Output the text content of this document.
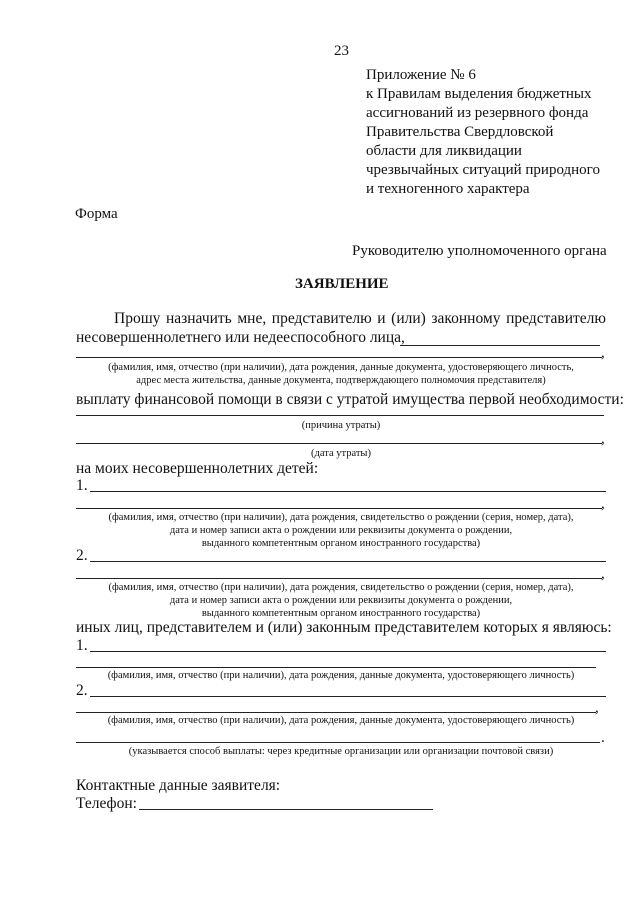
23
Приложение № 6
к Правилам выделения бюджетных
ассигнований из резервного фонда
Правительства Свердловской
области для ликвидации
чрезвычайных ситуаций природного
и техногенного характера
Форма
Руководителю уполномоченного органа
ЗАЯВЛЕНИЕ
Прошу назначить мне, представителю и (или) законному представителю
несовершеннолетнего или недееспособного лица,
,
(фамилия, имя, отчество (при наличии), дата рождения, данные документа, удостоверяющего личность,
адрес места жительства, данные документа, подтверждающего полномочия представителя)
выплату финансовой помощи в связи с утратой имущества первой необходимости:
(причина утраты)
,
(дата утраты)
на моих несовершеннолетних детей:
1.
,
(фамилия, имя, отчество (при наличии), дата рождения, свидетельство о рождении (серия, номер, дата),
дата и номер записи акта о рождении или реквизиты документа о рождении,
выданного компетентным органом иностранного государства)
2.
,
(фамилия, имя, отчество (при наличии), дата рождения, свидетельство о рождении (серия, номер, дата),
дата и номер записи акта о рождении или реквизиты документа о рождении,
выданного компетентным органом иностранного государства)
иных лиц, представителем и (или) законным представителем которых я являюсь:
1.
(фамилия, имя, отчество (при наличии), дата рождения, данные документа, удостоверяющего личность)
2.
,
(фамилия, имя, отчество (при наличии), дата рождения, данные документа, удостоверяющего личность)
.
(указывается способ выплаты: через кредитные организации или организации почтовой связи)
Контактные данные заявителя:
Телефон:
